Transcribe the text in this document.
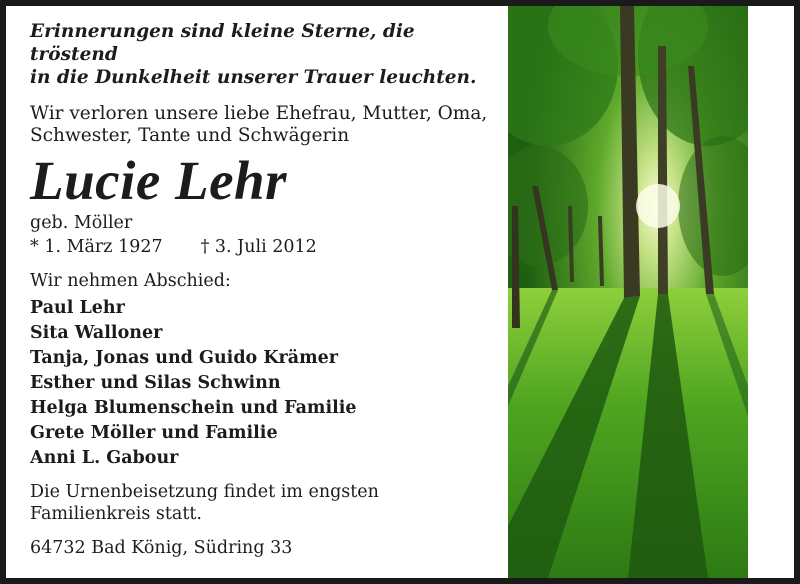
Erinnerungen sind kleine Sterne, die tröstend
in die Dunkelheit unserer Trauer leuchten.

Wir verloren unsere liebe Ehefrau, Mutter, Oma,
Schwester, Tante und Schwägerin

Lucie Lehr

geb. Möller

* 1. März 1927 † 3. Juli 2012

Wir nehmen Abschied:

Paul Lehr
Sita Walloner
Tanja, Jonas und Guido Krämer
Esther und Silas Schwinn
Helga Blumenschein und Familie
Grete Möller und Familie
Anni L. Gabour

Die Urnenbeisetzung findet im engsten
Familienkreis statt.

64732 Bad König, Südring 33
